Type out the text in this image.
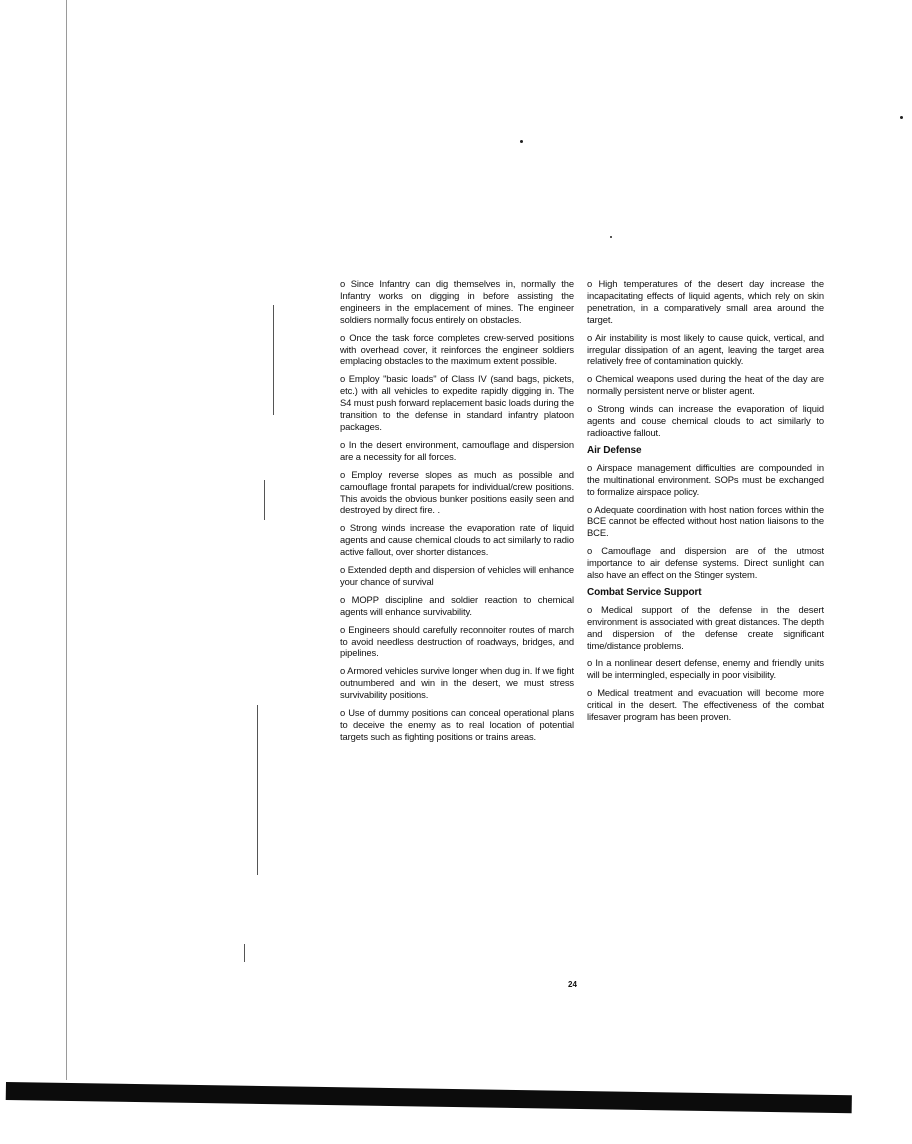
o Since Infantry can dig themselves in, normally the Infantry works on digging in before assisting the engineers in the emplacement of mines. The engineer soldiers normally focus entirely on obstacles.

o Once the task force completes crew-served positions with overhead cover, it reinforces the engineer soldiers emplacing obstacles to the maximum extent possible.

o Employ "basic loads" of Class IV (sand bags, pickets, etc.) with all vehicles to expedite rapidly digging in. The S4 must push forward replacement basic loads during the transition to the defense in standard infantry platoon packages.

o In the desert environment, camouflage and dispersion are a necessity for all forces.

o Employ reverse slopes as much as possible and camouflage frontal parapets for individual/crew positions. This avoids the obvious bunker positions easily seen and destroyed by direct fire. .

o Strong winds increase the evaporation rate of liquid agents and cause chemical clouds to act similarly to radio active fallout, over shorter distances.

o Extended depth and dispersion of vehicles will enhance your chance of survival

o MOPP discipline and soldier reaction to chemical agents will enhance survivability.

o Engineers should carefully reconnoiter routes of march to avoid needless destruction of roadways, bridges, and pipelines.

o Armored vehicles survive longer when dug in. If we fight outnumbered and win in the desert, we must stress survivability positions.

o Use of dummy positions can conceal operational plans to deceive the enemy as to real location of potential targets such as fighting positions or trains areas.

o High temperatures of the desert day increase the incapacitating effects of liquid agents, which rely on skin penetration, in a comparatively small area around the target.

o Air instability is most likely to cause quick, vertical, and irregular dissipation of an agent, leaving the target area relatively free of contamination quickly.

o Chemical weapons used during the heat of the day are normally persistent nerve or blister agent.

o Strong winds can increase the evaporation of liquid agents and couse chemical clouds to act similarly to radioactive fallout.

Air Defense

o Airspace management difficulties are compounded in the multinational environment. SOPs must be exchanged to formalize airspace policy.

o Adequate coordination with host nation forces within the BCE cannot be effected without host nation liaisons to the BCE.

o Camouflage and dispersion are of the utmost importance to air defense systems. Direct sunlight can also have an effect on the Stinger system.

Combat Service Support

o Medical support of the defense in the desert environment is associated with great distances. The depth and dispersion of the defense create significant time/distance problems.

o In a nonlinear desert defense, enemy and friendly units will be intermingled, especially in poor visibility.

o Medical treatment and evacuation will become more critical in the desert. The effectiveness of the combat lifesaver program has been proven.

24
